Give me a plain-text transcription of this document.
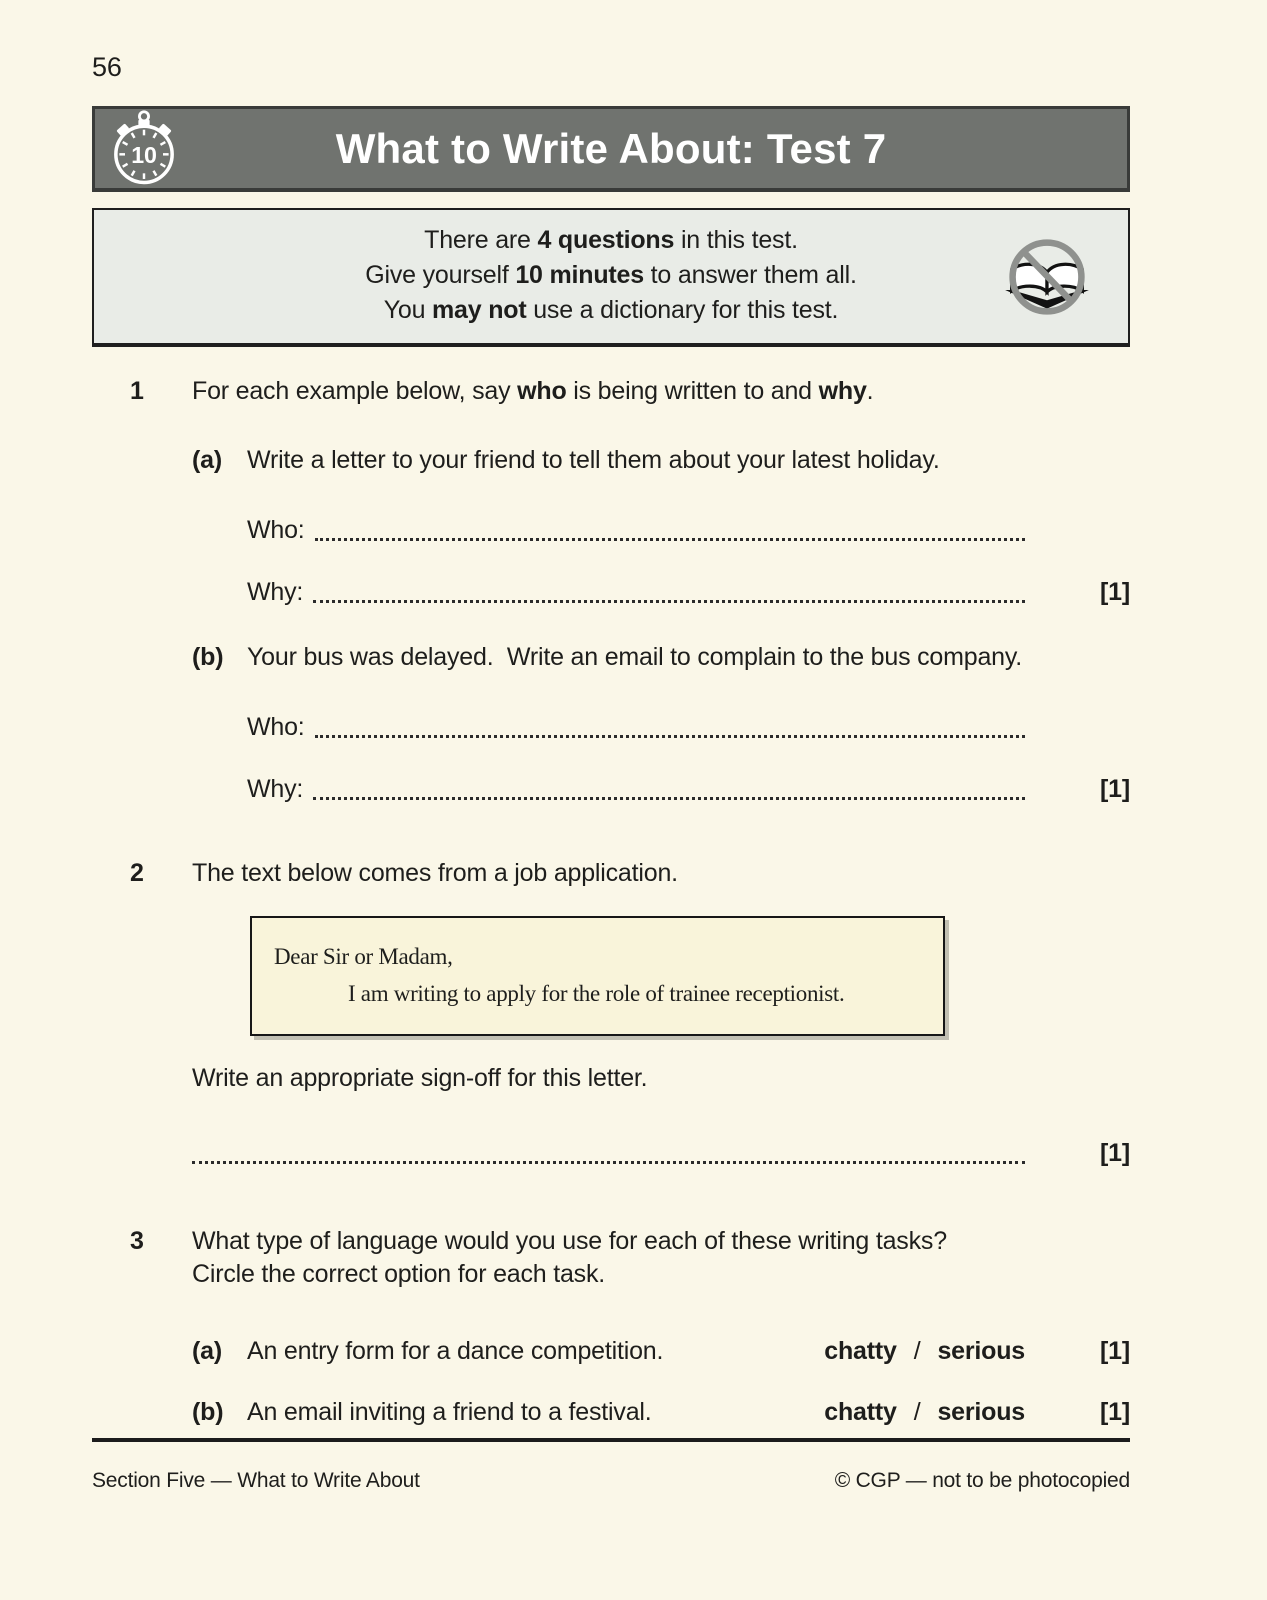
56
10	What to Write About: Test 7
There are 4 questions in this test.
Give yourself 10 minutes to answer them all.
You may not use a dictionary for this test.
1	For each example below, say who is being written to and why.
(a)	Write a letter to your friend to tell them about your latest holiday.
Who:
Why:	[1]
(b) Your bus was delayed.  Write an email to complain to the bus company.
Who:
Why:	[1]
2	The text below comes from a job application.
Dear Sir or Madam,
I am writing to apply for the role of trainee receptionist.
Write an appropriate sign-off for this letter.
[1]
3	What type of language would you use for each of these writing tasks?
Circle the correct option for each task.
(a)	An entry form for a dance competition.	chatty / serious	[1]
(b) An email inviting a friend to a festival.	chatty / serious	[1]
Section Five — What to Write About	© CGP — not to be photocopied
